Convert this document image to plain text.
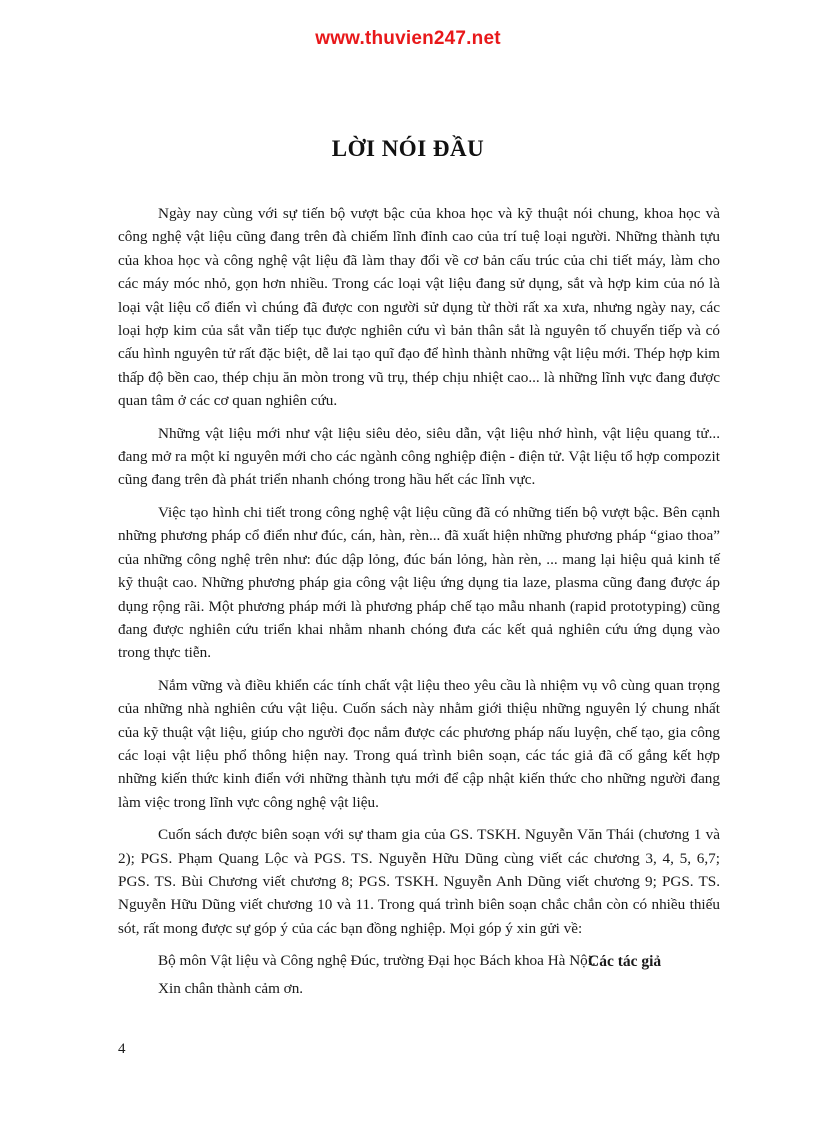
www.thuvien247.net
LỜI NÓI ĐẦU

Ngày nay cùng với sự tiến bộ vượt bậc của khoa học và kỹ thuật nói chung, khoa học và công nghệ vật liệu cũng đang trên đà chiếm lĩnh đỉnh cao của trí tuệ loại người. Những thành tựu của khoa học và công nghệ vật liệu đã làm thay đổi về cơ bản cấu trúc của chi tiết máy, làm cho các máy móc nhỏ, gọn hơn nhiều. Trong các loại vật liệu đang sử dụng, sắt và hợp kim của nó là loại vật liệu cổ điển vì chúng đã được con người sử dụng từ thời rất xa xưa, nhưng ngày nay, các loại hợp kim của sắt vẫn tiếp tục được nghiên cứu vì bản thân sắt là nguyên tố chuyển tiếp và có cấu hình nguyên tử rất đặc biệt, dễ lai tạo quĩ đạo để hình thành những vật liệu mới. Thép hợp kim thấp độ bền cao, thép chịu ăn mòn trong vũ trụ, thép chịu nhiệt cao... là những lĩnh vực đang được quan tâm ở các cơ quan nghiên cứu.

Những vật liệu mới như vật liệu siêu dẻo, siêu dẫn, vật liệu nhớ hình, vật liệu quang tử... đang mở ra một kỉ nguyên mới cho các ngành công nghiệp điện - điện tử. Vật liệu tổ hợp compozit cũng đang trên đà phát triển nhanh chóng trong hầu hết các lĩnh vực.

Việc tạo hình chi tiết trong công nghệ vật liệu cũng đã có những tiến bộ vượt bậc. Bên cạnh những phương pháp cổ điển như đúc, cán, hàn, rèn... đã xuất hiện những phương pháp “giao thoa” của những công nghệ trên như: đúc dập lỏng, đúc bán lỏng, hàn rèn, ... mang lại hiệu quả kinh tế kỹ thuật cao. Những phương pháp gia công vật liệu ứng dụng tia laze, plasma cũng đang được áp dụng rộng rãi. Một phương pháp mới là phương pháp chế tạo mẫu nhanh (rapid prototyping) cũng đang được nghiên cứu triển khai nhằm nhanh chóng đưa các kết quả nghiên cứu ứng dụng vào trong thực tiễn.

Nắm vững và điều khiển các tính chất vật liệu theo yêu cầu là nhiệm vụ vô cùng quan trọng của những nhà nghiên cứu vật liệu. Cuốn sách này nhằm giới thiệu những nguyên lý chung nhất của kỹ thuật vật liệu, giúp cho người đọc nắm được các phương pháp nấu luyện, chế tạo, gia công các loại vật liệu phổ thông hiện nay. Trong quá trình biên soạn, các tác giả đã cố gắng kết hợp những kiến thức kinh điển với những thành tựu mới để cập nhật kiến thức cho những người đang làm việc trong lĩnh vực công nghệ vật liệu.

Cuốn sách được biên soạn với sự tham gia của GS. TSKH. Nguyễn Văn Thái (chương 1 và 2); PGS. Phạm Quang Lộc và PGS. TS. Nguyễn Hữu Dũng cùng viết các chương 3, 4, 5, 6,7; PGS. TS. Bùi Chương viết chương 8; PGS. TSKH. Nguyễn Anh Dũng viết chương 9; PGS. TS. Nguyễn Hữu Dũng viết chương 10 và 11. Trong quá trình biên soạn chắc chắn còn có nhiều thiếu sót, rất mong được sự góp ý của các bạn đồng nghiệp. Mọi góp ý xin gửi về:

Bộ môn Vật liệu và Công nghệ Đúc, trường Đại học Bách khoa Hà Nội.

Xin chân thành cảm ơn.

Các tác giả
4
